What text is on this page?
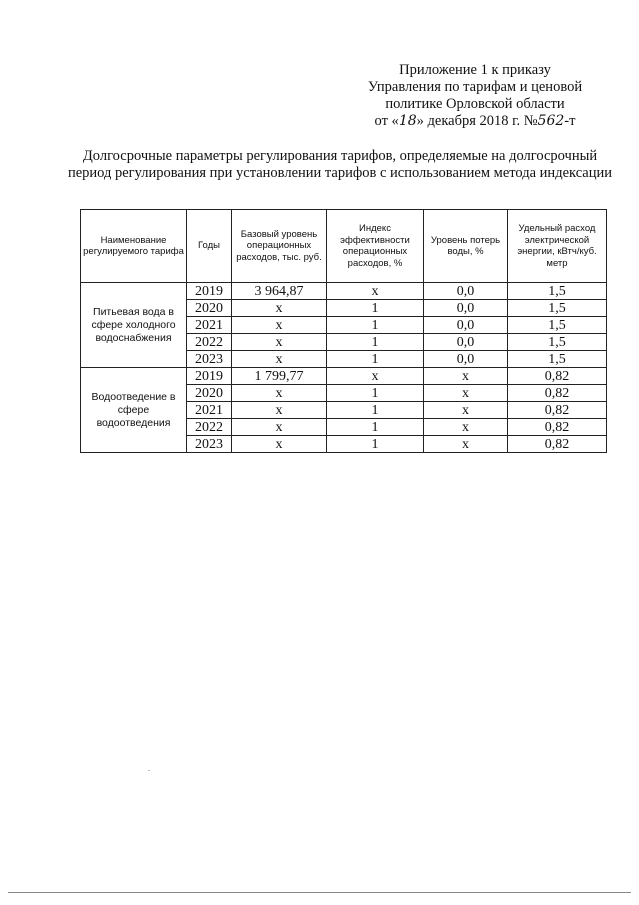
Приложение 1 к приказу
Управления по тарифам и ценовой
политике Орловской области
от «18» декабря 2018 г. №562-т
Долгосрочные параметры регулирования тарифов, определяемые на долгосрочный период регулирования при установлении тарифов с использованием метода индексации
Наименование регулируемого тарифа	Годы	Базовый уровень операционных расходов, тыс. руб.	Индекс эффективности операционных расходов, %	Уровень потерь воды, %	Удельный расход электрической энергии, кВтч/куб. метр
Питьевая вода в сфере холодного водоснабжения	2019	3 964,87	х	0,0	1,5
	2020	х	1	0,0	1,5
	2021	х	1	0,0	1,5
	2022	х	1	0,0	1,5
	2023	х	1	0,0	1,5
Водоотведение в сфере водоотведения	2019	1 799,77	х	х	0,82
	2020	х	1	х	0,82
	2021	х	1	х	0,82
	2022	х	1	х	0,82
	2023	х	1	х	0,82
